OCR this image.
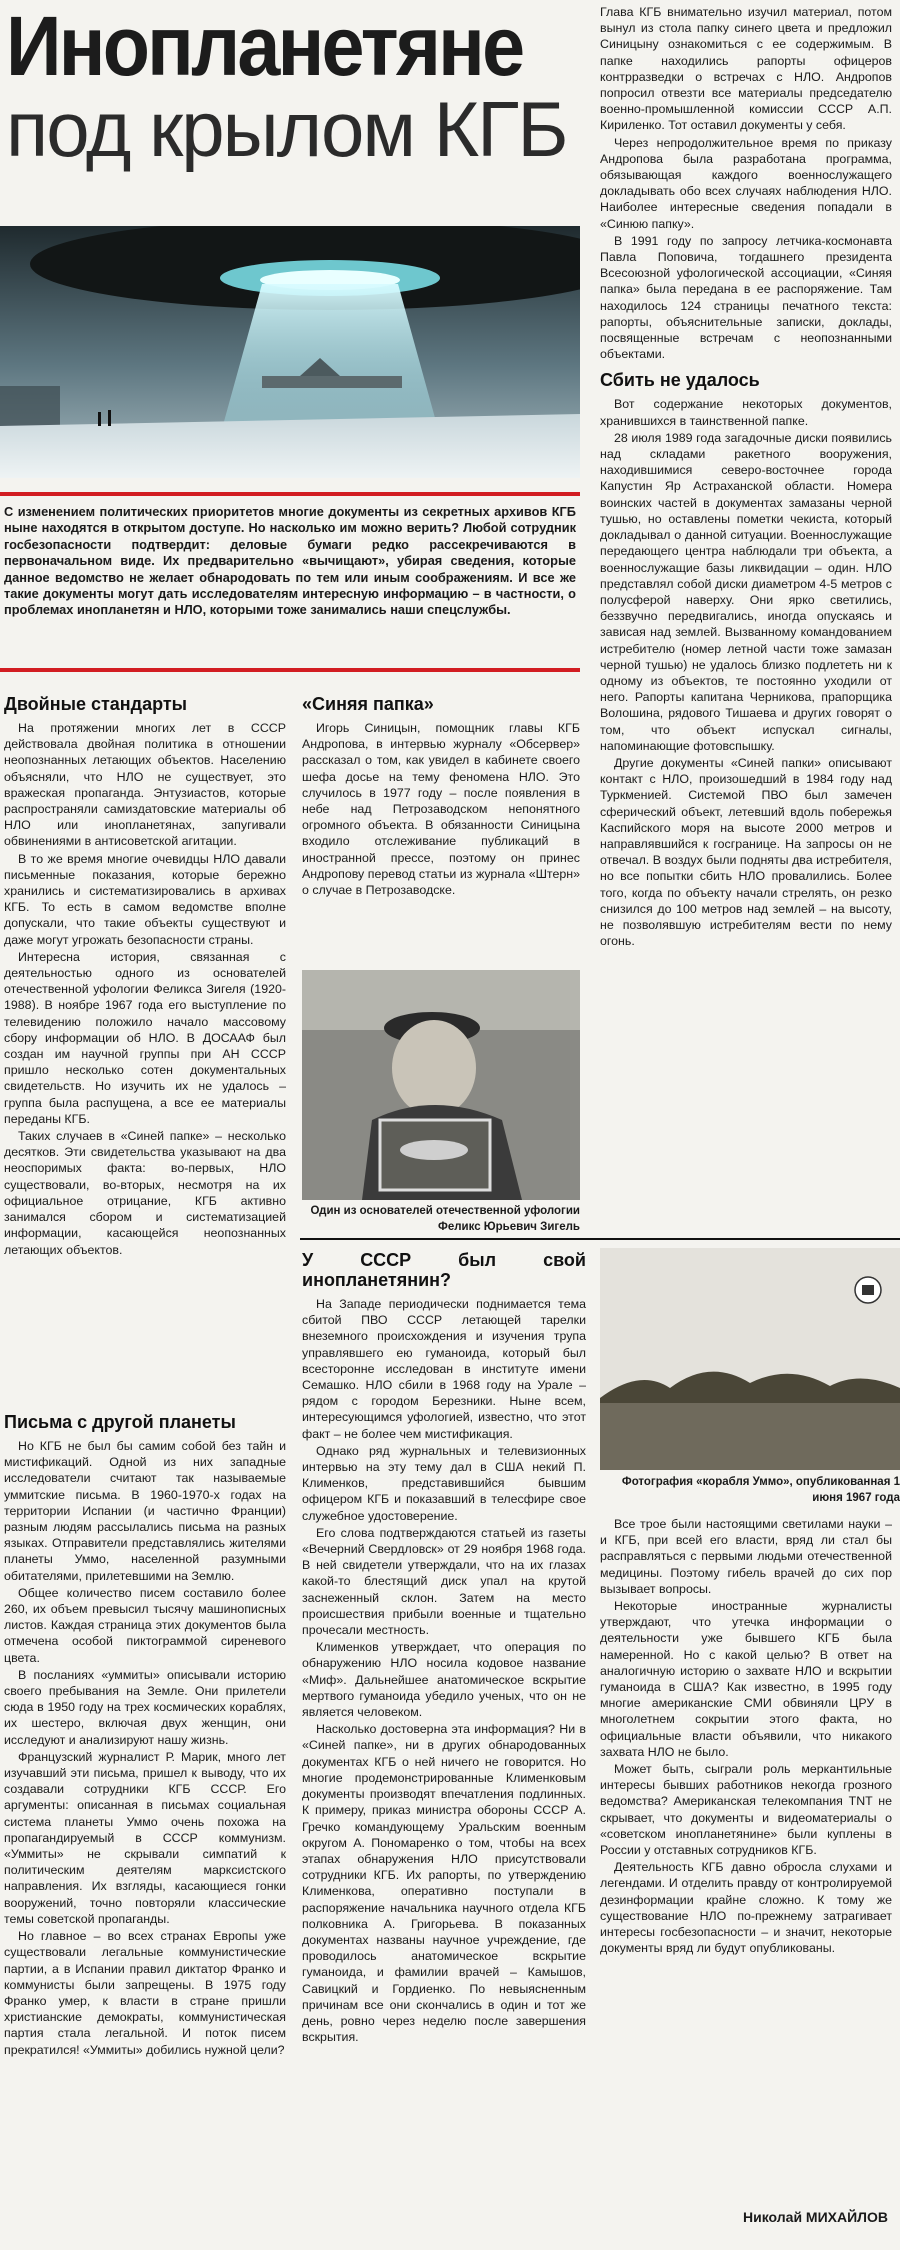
Инопланетяне
под крылом КГБ
С изменением политических приоритетов многие документы из секретных архивов КГБ ныне находятся в открытом доступе. Но насколько им можно верить? Любой сотрудник госбезопасности подтвердит: деловые бумаги редко рассекречиваются в первоначальном виде. Их предварительно «вычищают», убирая сведения, которые данное ведомство не желает обнародовать по тем или иным соображениям. И все же такие документы могут дать исследователям интересную информацию – в частности, о проблемах инопланетян и НЛО, которыми тоже занимались наши спецслужбы.

Глава КГБ внимательно изучил материал, потом вынул из стола папку синего цвета и предложил Синицыну ознакомиться с ее содержимым. В папке находились рапорты офицеров контрразведки о встречах с НЛО. Андропов попросил отвезти все материалы председателю военно-промышленной комиссии СССР А.П. Кириленко. Тот оставил документы у себя.

Через непродолжительное время по приказу Андропова была разработана программа, обязывающая каждого военнослужащего докладывать обо всех случаях наблюдения НЛО. Наиболее интересные сведения попадали в «Синюю папку».

В 1991 году по запросу летчика-космонавта Павла Поповича, тогдашнего президента Всесоюзной уфологической ассоциации, «Синяя папка» была передана в ее распоряжение. Там находилось 124 страницы печатного текста: рапорты, объяснительные записки, доклады, посвященные встречам с неопознанными объектами.

Сбить не удалось

Вот содержание некоторых документов, хранившихся в таинственной папке.

28 июля 1989 года загадочные диски появились над складами ракетного вооружения, находившимися северо-восточнее города Капустин Яр Астраханской области. Номера воинских частей в документах замазаны черной тушью, но оставлены пометки чекиста, который докладывал о данной ситуации. Военнослужащие передающего центра наблюдали три объекта, а военнослужащие базы ликвидации – один. НЛО представлял собой диски диаметром 4-5 метров с полусферой наверху. Они ярко светились, беззвучно передвигались, иногда опускаясь и зависая над землей. Вызванному командованием истребителю (номер летной части тоже замазан черной тушью) не удалось близко подлететь ни к одному из объектов, те постоянно уходили от него. Рапорты капитана Черникова, прапорщика Волошина, рядового Тишаева и других говорят о том, что объект испускал сигналы, напоминающие фотовспышку.

Другие документы «Синей папки» описывают контакт с НЛО, произошедший в 1984 году над Туркменией. Системой ПВО был замечен сферический объект, летевший вдоль побережья Каспийского моря на высоте 2000 метров и направлявшийся к госгранице. На запросы он не отвечал. В воздух были подняты два истребителя, но все попытки сбить НЛО провалились. Более того, когда по объекту начали стрелять, он резко снизился до 100 метров над землей – на высоту, не позволявшую истребителям вести по нему огонь.

Двойные стандарты

На протяжении многих лет в СССР действовала двойная политика в отношении неопознанных летающих объектов. Населению объясняли, что НЛО не существует, это вражеская пропаганда. Энтузиастов, которые распространяли самиздатовские материалы об НЛО или инопланетянах, запугивали обвинениями в антисоветской агитации.

В то же время многие очевидцы НЛО давали письменные показания, которые бережно хранились и систематизировались в архивах КГБ. То есть в самом ведомстве вполне допускали, что такие объекты существуют и даже могут угрожать безопасности страны.

Интересна история, связанная с деятельностью одного из основателей отечественной уфологии Феликса Зигеля (1920-1988). В ноябре 1967 года его выступление по телевидению положило начало массовому сбору информации об НЛО. В ДОСААФ был создан им научной группы при АН СССР пришло несколько сотен документальных свидетельств. Но изучить их не удалось – группа была распущена, а все ее материалы переданы КГБ.

Таких случаев в «Синей папке» – несколько десятков. Эти свидетельства указывают на два неоспоримых факта: во-первых, НЛО существовали, во-вторых, несмотря на их официальное отрицание, КГБ активно занимался сбором и систематизацией информации, касающейся неопознанных летающих объектов.

«Синяя папка»

Игорь Синицын, помощник главы КГБ Андропова, в интервью журналу «Обсервер» рассказал о том, как увидел в кабинете своего шефа досье на тему феномена НЛО. Это случилось в 1977 году – после появления в небе над Петрозаводском непонятного огромного объекта. В обязанности Синицына входило отслеживание публикаций в иностранной прессе, поэтому он принес Андропову перевод статьи из журнала «Штерн» о случае в Петрозаводске.

Один из основателей отечественной уфологии Феликс Юрьевич Зигель
Письма с другой планеты

Но КГБ не был бы самим собой без тайн и мистификаций. Одной из них западные исследователи считают так называемые уммитские письма. В 1960-1970-х годах на территории Испании (и частично Франции) разным людям рассылались письма на разных языках. Отправители представлялись жителями планеты Уммо, населенной разумными обитателями, прилетевшими на Землю.

Общее количество писем составило более 260, их объем превысил тысячу машинописных листов. Каждая страница этих документов была отмечена особой пиктограммой сиреневого цвета.

В посланиях «уммиты» описывали историю своего пребывания на Земле. Они прилетели сюда в 1950 году на трех космических кораблях, их шестеро, включая двух женщин, они исследуют и анализируют нашу жизнь.

Французский журналист Р. Марик, много лет изучавший эти письма, пришел к выводу, что их создавали сотрудники КГБ СССР. Его аргументы: описанная в письмах социальная система планеты Уммо очень похожа на пропагандируемый в СССР коммунизм. «Уммиты» не скрывали симпатий к политическим деятелям марксистского направления. Их взгляды, касающиеся гонки вооружений, точно повторяли классические темы советской пропаганды.

Но главное – во всех странах Европы уже существовали легальные коммунистические партии, а в Испании правил диктатор Франко и коммунисты были запрещены. В 1975 году Франко умер, к власти в стране пришли христианские демократы, коммунистическая партия стала легальной. И поток писем прекратился! «Уммиты» добились нужной цели?

У СССР был свой инопланетянин?

На Западе периодически поднимается тема сбитой ПВО СССР летающей тарелки внеземного происхождения и изучения трупа управлявшего ею гуманоида, который был всесторонне исследован в институте имени Семашко. НЛО сбили в 1968 году на Урале – рядом с городом Березники. Ныне всем, интересующимся уфологией, известно, что этот факт – не более чем мистификация.

Однако ряд журнальных и телевизионных интервью на эту тему дал в США некий П. Клименков, представившийся бывшим офицером КГБ и показавший в телесфире свое служебное удостоверение.

Его слова подтверждаются статьей из газеты «Вечерний Свердловск» от 29 ноября 1968 года. В ней свидетели утверждали, что на их глазах какой-то блестящий диск упал на крутой заснеженный склон. Затем на место происшествия прибыли военные и тщательно прочесали местность.

Клименков утверждает, что операция по обнаружению НЛО носила кодовое название «Миф». Дальнейшее анатомическое вскрытие мертвого гуманоида убедило ученых, что он не является человеком.

Насколько достоверна эта информация? Ни в «Синей папке», ни в других обнародованных документах КГБ о ней ничего не говорится. Но многие продемонстрированные Клименковым документы производят впечатления подлинных. К примеру, приказ министра обороны СССР А. Гречко командующему Уральским военным округом А. Пономаренко о том, чтобы на всех этапах обнаружения НЛО присутствовали сотрудники КГБ. Их рапорты, по утверждению Клименкова, оперативно поступали в распоряжение начальника научного отдела КГБ полковника А. Григорьева. В показанных документах названы научное учреждение, где проводилось анатомическое вскрытие гуманоида, и фамилии врачей – Камышов, Савицкий и Гордиенко. По невыясненным причинам все они скончались в один и тот же день, ровно через неделю после завершения вскрытия.

Фотография «корабля Уммо», опубликованная 1 июня 1967 года

Все трое были настоящими светилами науки – и КГБ, при всей его власти, вряд ли стал бы расправляться с первыми людьми отечественной медицины. Поэтому гибель врачей до сих пор вызывает вопросы.

Некоторые иностранные журналисты утверждают, что утечка информации о деятельности уже бывшего КГБ была намеренной. Но с какой целью? В ответ на аналогичную историю о захвате НЛО и вскрытии гуманоида в США? Как известно, в 1995 году многие американские СМИ обвиняли ЦРУ в многолетнем сокрытии этого факта, но официальные власти объявили, что никакого захвата НЛО не было.

Может быть, сыграли роль меркантильные интересы бывших работников некогда грозного ведомства? Американская телекомпания TNT не скрывает, что документы и видеоматериалы о «советском инопланетянине» были куплены в России у отставных сотрудников КГБ.

Деятельность КГБ давно обросла слухами и легендами. И отделить правду от контролируемой дезинформации крайне сложно. К тому же существование НЛО по-прежнему затрагивает интересы госбезопасности – и значит, некоторые документы вряд ли будут опубликованы.

Николай МИХАЙЛОВ
